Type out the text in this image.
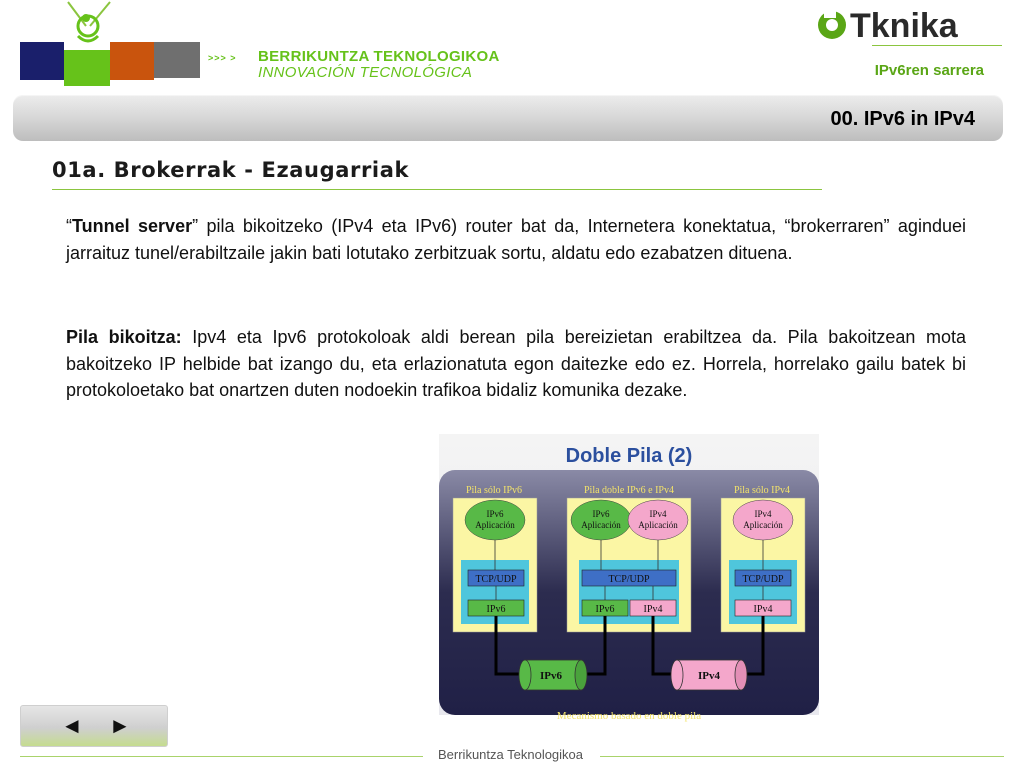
>>> > BERRIKUNTZA TEKNOLOGIKOA
INNOVACIÓN TECNOLÓGICA
Tknika
IPv6ren sarrera
00. IPv6 in IPv4
01a. Brokerrak - Ezaugarriak

“Tunnel server” pila bikoitzeko (IPv4 eta IPv6) router bat da, Internetera konektatua, “brokerraren” aginduei jarraituz tunel/erabiltzaile jakin bati lotutako zerbitzuak sortu, aldatu edo ezabatzen dituena.

Pila bikoitza: Ipv4 eta Ipv6 protokoloak aldi berean pila bereizietan erabiltzea da. Pila bakoitzean mota bakoitzeko IP helbide bat izango du, eta erlazionatuta egon daitezke edo ez. Horrela, horrelako gailu batek bi protokoloetako bat onartzen duten nodoekin trafikoa bidaliz komunika dezake.

Doble Pila (2)
Pila sólo IPv6	Pila doble IPv6 e IPv4	Pila sólo IPv4
IPv6
Aplicación
IPv6
Aplicación
IPv4
Aplicación
IPv4
Aplicación
TCP/UDP	TCP/UDP	TCP/UDP
IPv6	IPv6	IPv4	IPv4
IPv6	IPv4
Mecanismo basado en doble pila
◄ ►
Berrikuntza Teknologikoa
